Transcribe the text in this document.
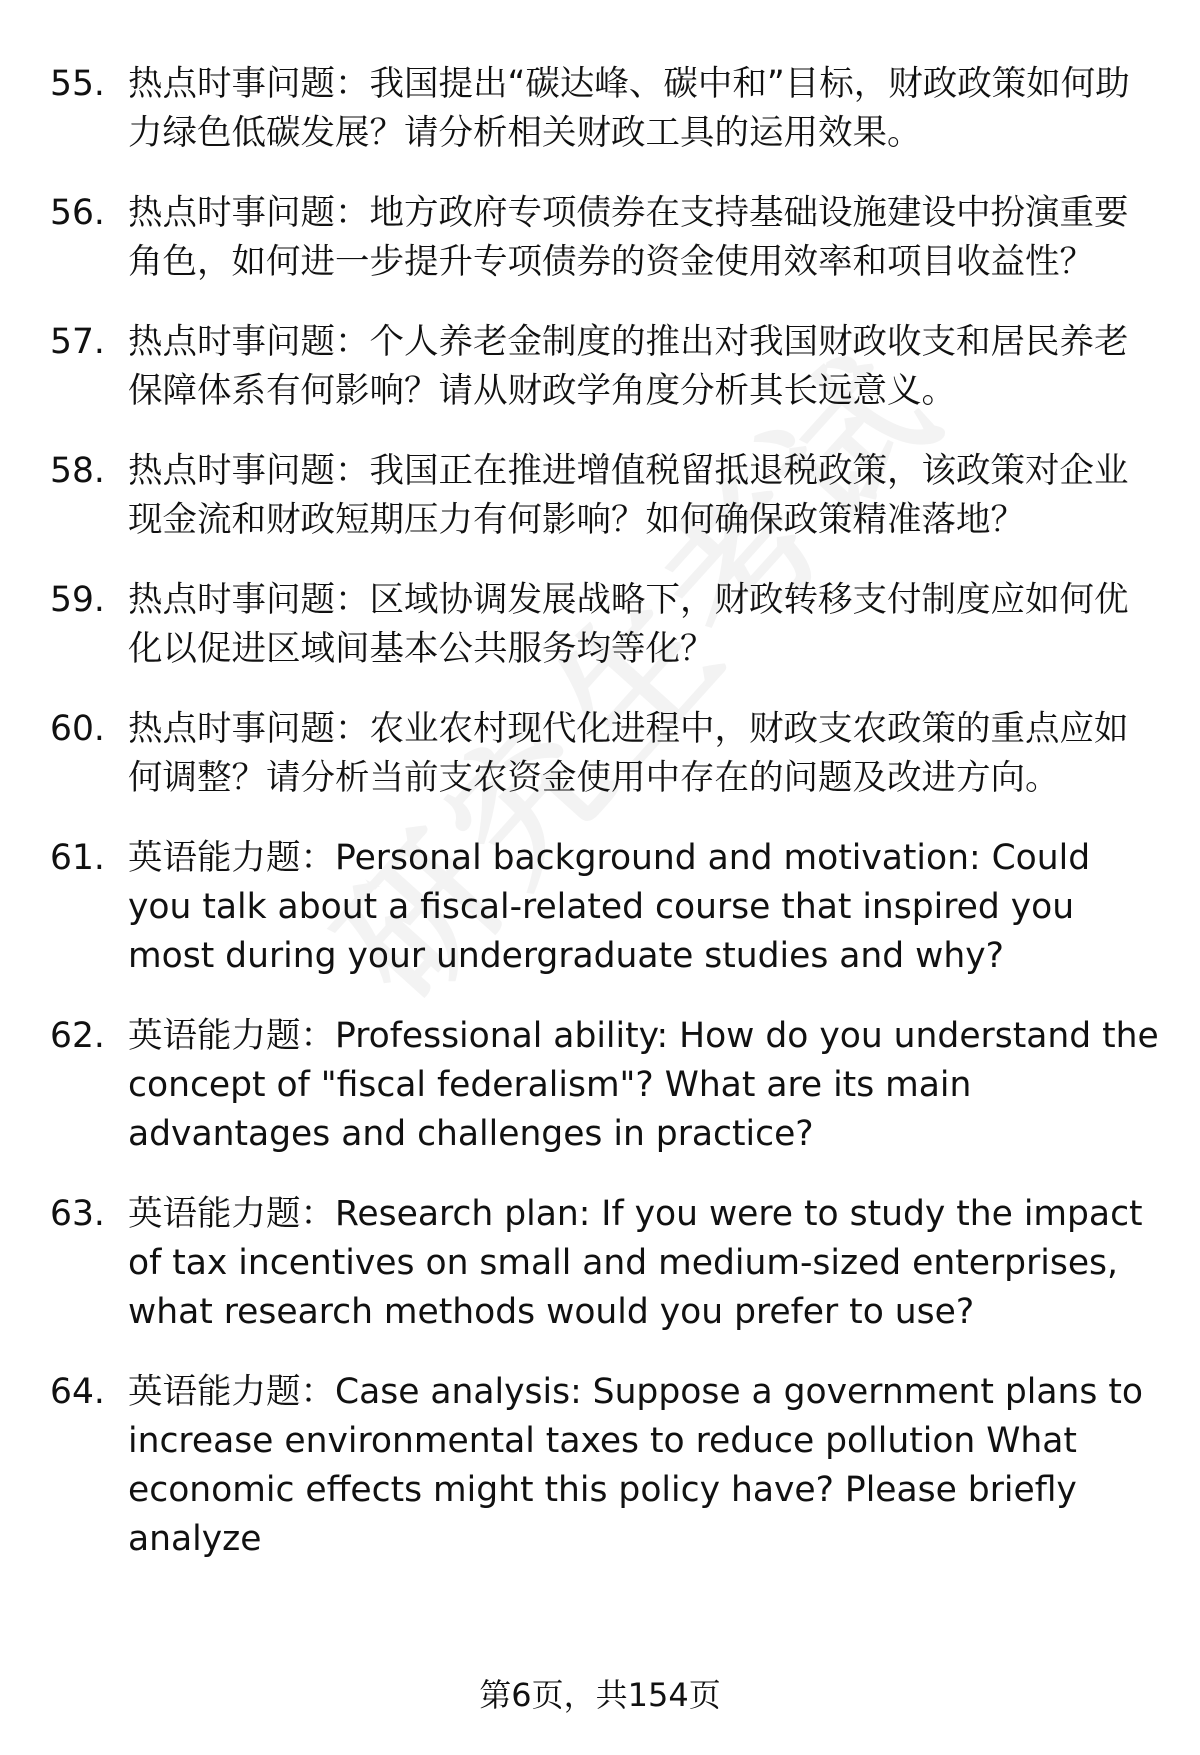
55. 热点时事问题：我国提出“碳达峰、碳中和”目标，财政政策如何助力绿色低碳发展？请分析相关财政工具的运用效果。
56. 热点时事问题：地方政府专项债券在支持基础设施建设中扮演重要角色，如何进一步提升专项债券的资金使用效率和项目收益性？
57. 热点时事问题：个人养老金制度的推出对我国财政收支和居民养老保障体系有何影响？请从财政学角度分析其长远意义。
58. 热点时事问题：我国正在推进增值税留抵退税政策，该政策对企业现金流和财政短期压力有何影响？如何确保政策精准落地？
59. 热点时事问题：区域协调发展战略下，财政转移支付制度应如何优化以促进区域间基本公共服务均等化？
60. 热点时事问题：农业农村现代化进程中，财政支农政策的重点应如何调整？请分析当前支农资金使用中存在的问题及改进方向。
61. 英语能力题：Personal background and motivation: Could you talk about a fiscal-related course that inspired you most during your undergraduate studies and why?
62. 英语能力题：Professional ability: How do you understand the concept of "fiscal federalism"? What are its main advantages and challenges in practice?
63. 英语能力题：Research plan: If you were to study the impact of tax incentives on small and medium-sized enterprises, what research methods would you prefer to use?
64. 英语能力题：Case analysis: Suppose a government plans to increase environmental taxes to reduce pollution What economic effects might this policy have? Please briefly analyze
第6页，共154页
